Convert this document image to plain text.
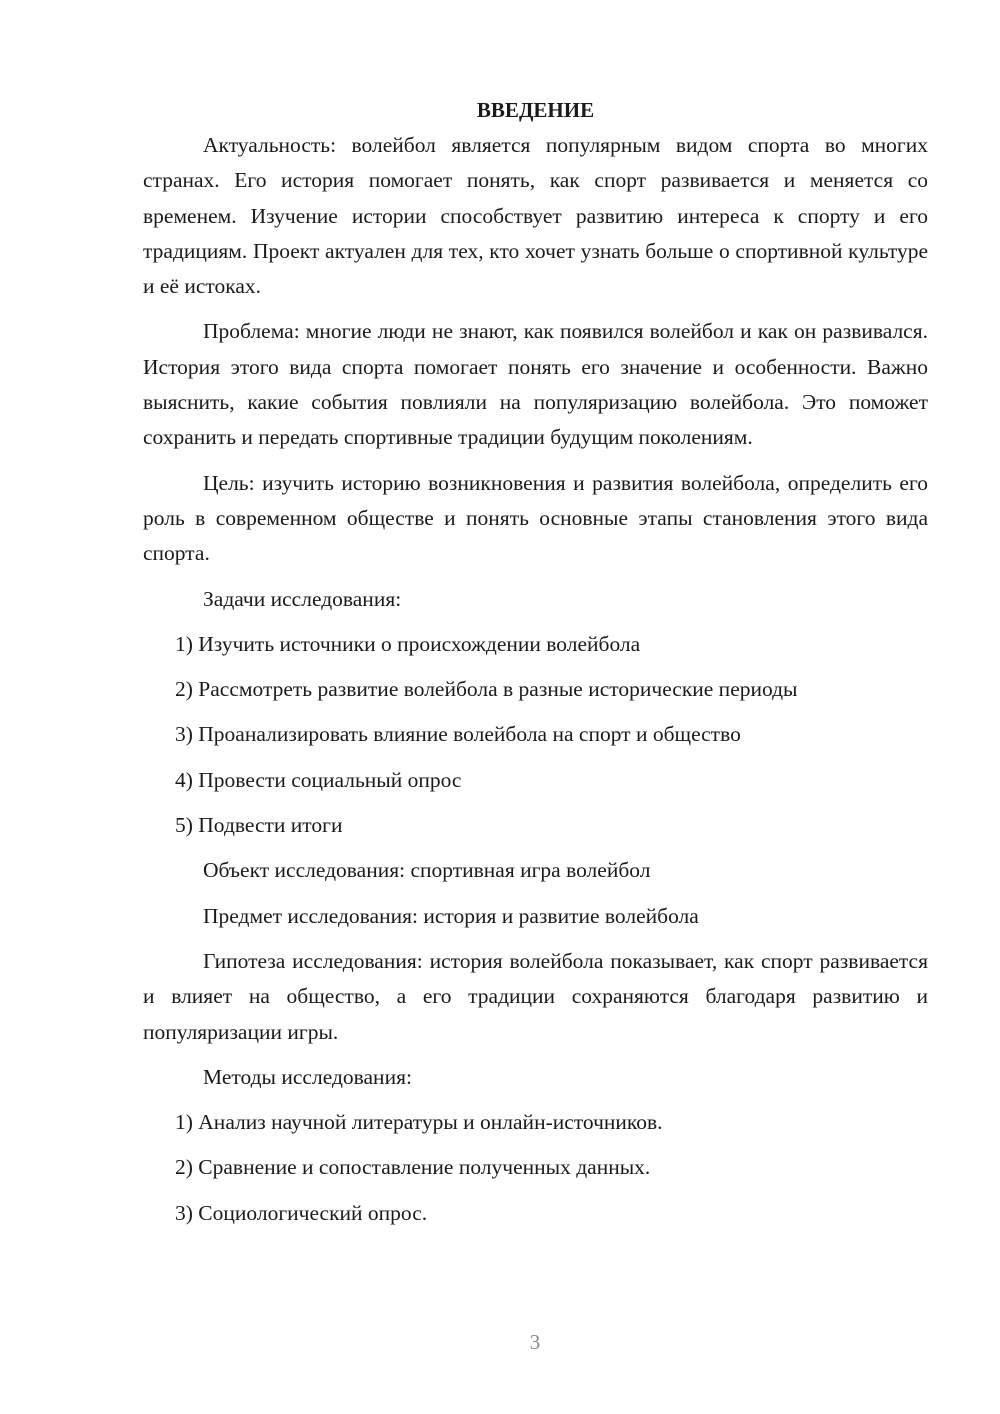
ВВЕДЕНИЕ

Актуальность: волейбол является популярным видом спорта во многих странах. Его история помогает понять, как спорт развивается и меняется со временем. Изучение истории способствует развитию интереса к спорту и его традициям. Проект актуален для тех, кто хочет узнать больше о спортивной культуре и её истоках.

Проблема: многие люди не знают, как появился волейбол и как он развивался. История этого вида спорта помогает понять его значение и особенности. Важно выяснить, какие события повлияли на популяризацию волейбола. Это поможет сохранить и передать спортивные традиции будущим поколениям.

Цель: изучить историю возникновения и развития волейбола, определить его роль в современном обществе и понять основные этапы становления этого вида спорта.

Задачи исследования:

1) Изучить источники о происхождении волейбола

2) Рассмотреть развитие волейбола в разные исторические периоды

3) Проанализировать влияние волейбола на спорт и общество

4) Провести социальный опрос

5) Подвести итоги

Объект исследования: спортивная игра волейбол

Предмет исследования: история и развитие волейбола

Гипотеза исследования: история волейбола показывает, как спорт развивается и влияет на общество, а его традиции сохраняются благодаря развитию и популяризации игры.

Методы исследования:

1) Анализ научной литературы и онлайн-источников.

2) Сравнение и сопоставление полученных данных.

3) Социологический опрос.

3
